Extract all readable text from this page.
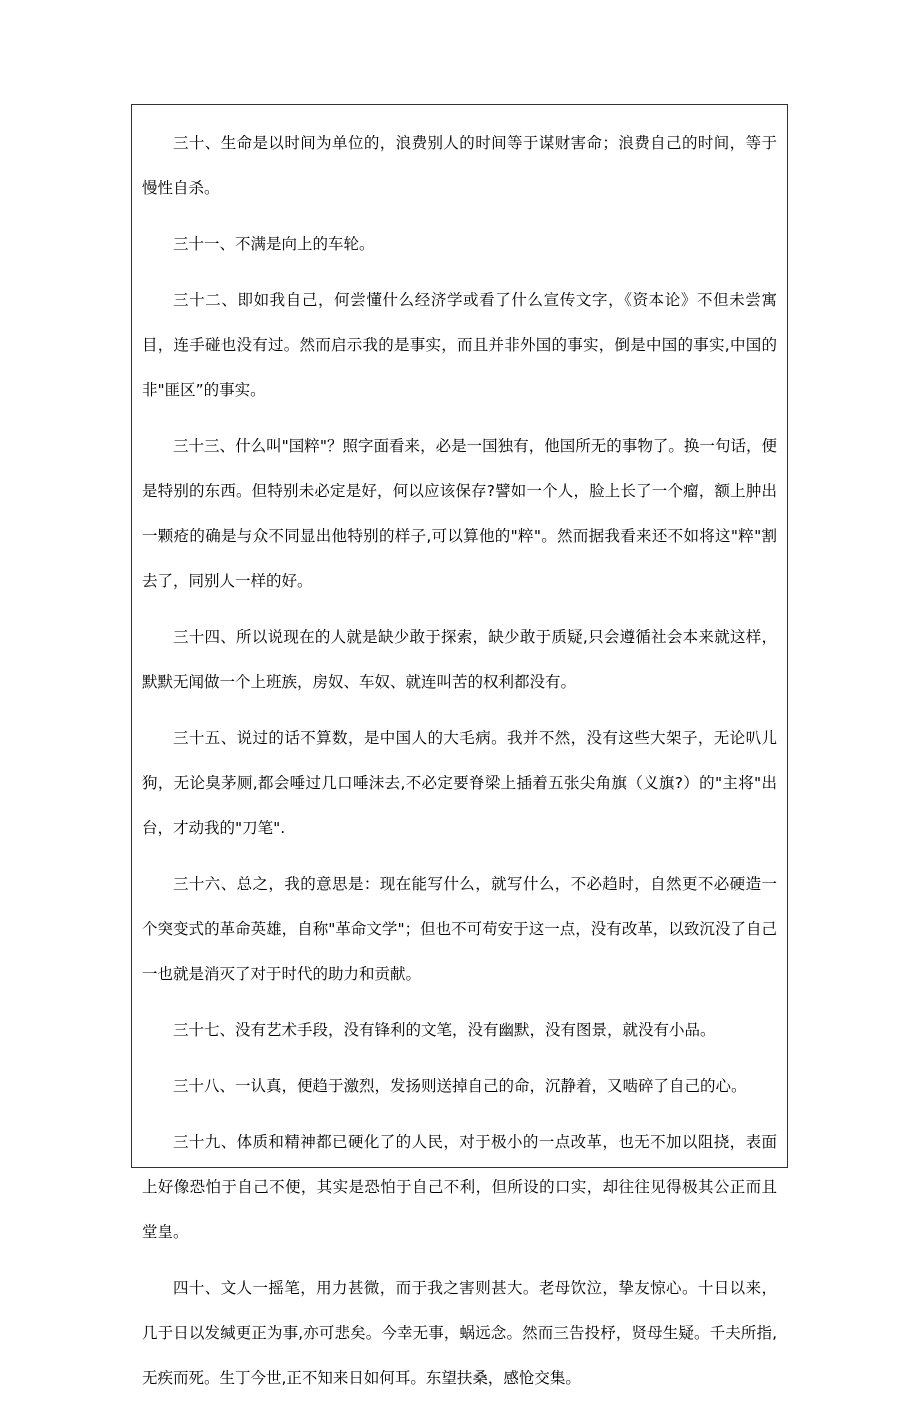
三十、生命是以时间为单位的，浪费别人的时间等于谋财害命；浪费自己的时间，等于慢性自杀。

三十一、不满是向上的车轮。

三十二、即如我自己，何尝懂什么经济学或看了什么宣传文字，《资本论》不但未尝寓目，连手碰也没有过。然而启示我的是事实，而且并非外国的事实，倒是中国的事实,中国的非"匪区”的事实。

三十三、什么叫"国粹"？照字面看来，必是一国独有，他国所无的事物了。换一句话，便是特别的东西。但特别未必定是好，何以应该保存?譬如一个人，脸上长了一个瘤，额上肿出一颗疮的确是与众不同显出他特别的样子,可以算他的"粹"。然而据我看来还不如将这"粹"割去了，同别人一样的好。

三十四、所以说现在的人就是缺少敢于探索，缺少敢于质疑,只会遵循社会本来就这样，默默无闻做一个上班族，房奴、车奴、就连叫苦的权利都没有。

三十五、说过的话不算数，是中国人的大毛病。我并不然，没有这些大架子，无论叭儿狗，无论臭茅厕,都会唾过几口唾沫去,不必定要脊梁上插着五张尖角旗（义旗?）的"主将"出台，才动我的"刀笔".

三十六、总之，我的意思是：现在能写什么，就写什么，不必趋时，自然更不必硬造一个突变式的革命英雄，自称"革命文学"；但也不可苟安于这一点，没有改革，以致沉没了自己一也就是消灭了对于时代的助力和贡献。

三十七、没有艺术手段，没有锋利的文笔，没有幽默，没有图景，就没有小品。

三十八、一认真，便趋于激烈，发扬则送掉自己的命，沉静着，又啮碎了自己的心。

三十九、体质和精神都已硬化了的人民，对于极小的一点改革，也无不加以阻挠，表面上好像恐怕于自己不便，其实是恐怕于自己不利，但所设的口实，却往往见得极其公正而且堂皇。

四十、文人一摇笔，用力甚微，而于我之害则甚大。老母饮泣，挚友惊心。十日以来，几于日以发缄更正为事,亦可悲矣。今幸无事，蜗远念。然而三告投杼，贤母生疑。千夫所指,无疾而死。生丁今世,正不知来日如何耳。东望扶桑，感怆交集。
